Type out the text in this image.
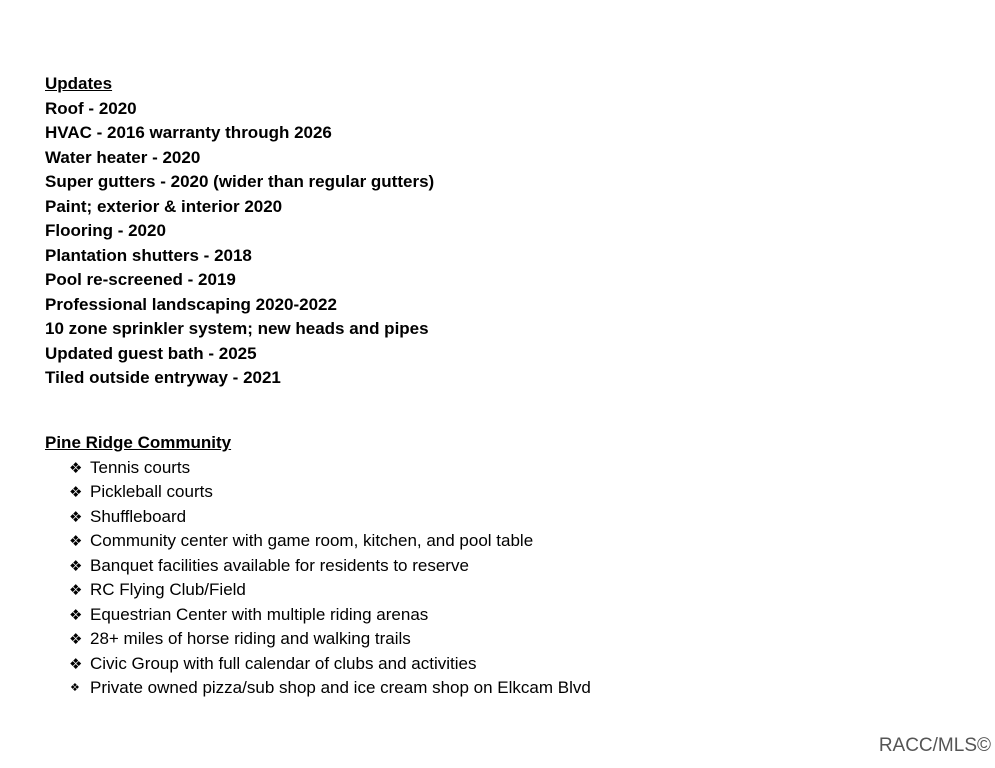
Updates
Roof - 2020
HVAC - 2016 warranty through 2026
Water heater - 2020
Super gutters - 2020 (wider than regular gutters)
Paint; exterior & interior 2020
Flooring - 2020
Plantation shutters - 2018
Pool re-screened - 2019
Professional landscaping 2020-2022
10 zone sprinkler system; new heads and pipes
Updated guest bath - 2025
Tiled outside entryway - 2021
Pine Ridge Community
❖ Tennis courts
❖ Pickleball courts
❖ Shuffleboard
❖ Community center with game room, kitchen, and pool table
❖ Banquet facilities available for residents to reserve
❖ RC Flying Club/Field
❖ Equestrian Center with multiple riding arenas
❖ 28+ miles of horse riding and walking trails
❖ Civic Group with full calendar of clubs and activities
❖ Private owned pizza/sub shop and ice cream shop on Elkcam Blvd
RACC/MLS©
